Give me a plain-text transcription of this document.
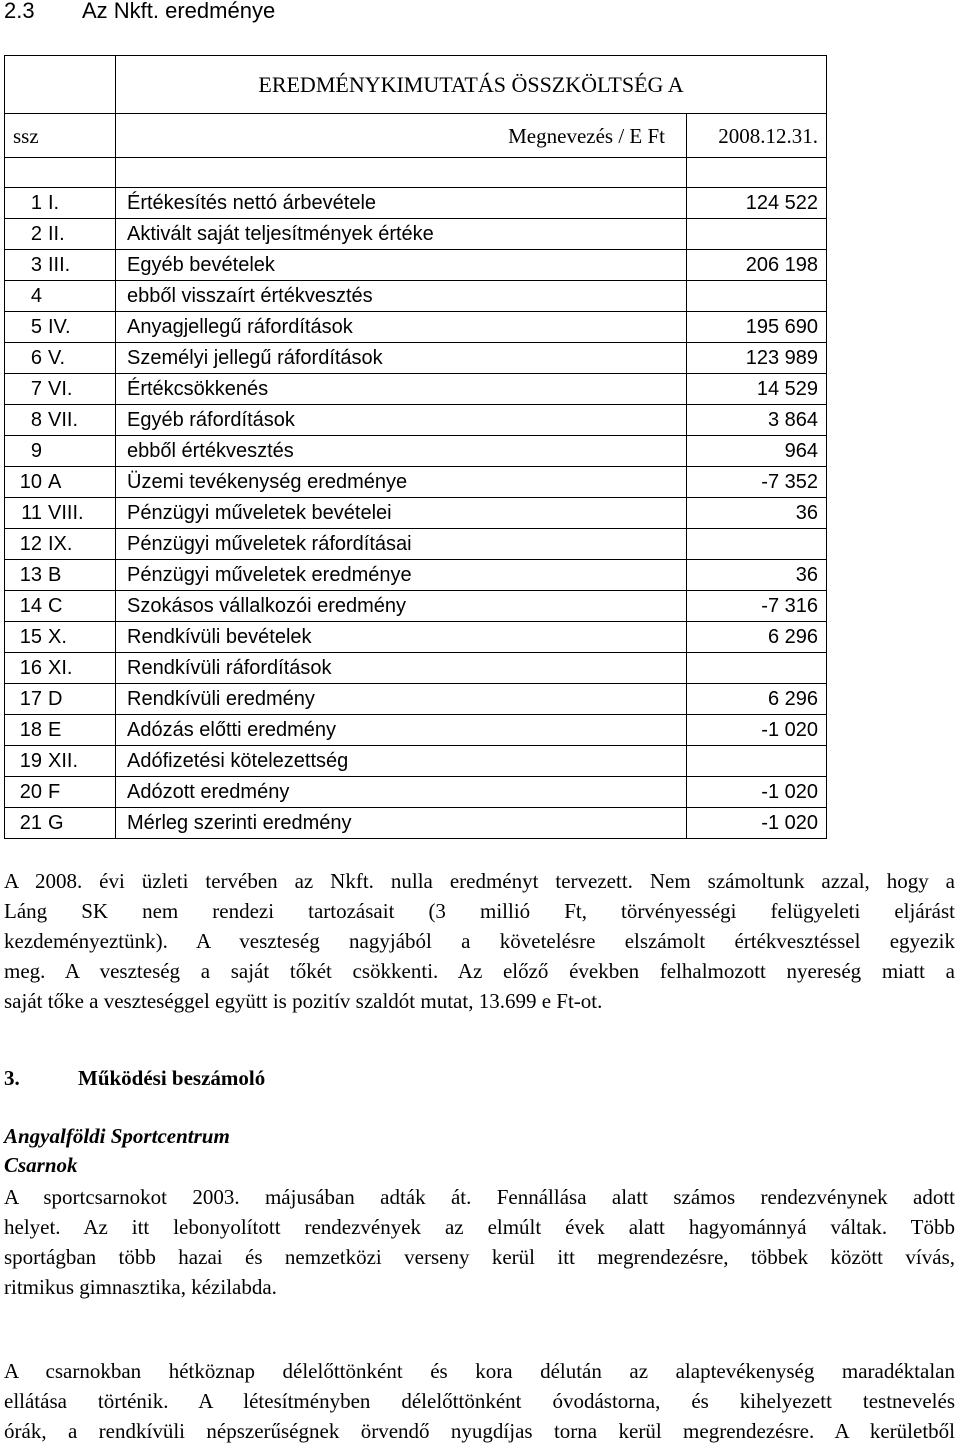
2.3 Az Nkft. eredménye
	EREDMÉNYKIMUTATÁS ÖSSZKÖLTSÉG A	
ssz	Megnevezés / E Ft	2008.12.31.

1 I.	Értékesítés nettó árbevétele	124 522
2 II.	Aktivált saját teljesítmények értéke	
3 III.	Egyéb bevételek	206 198
4	ebből visszaírt értékvesztés	
5 IV.	Anyagjellegű ráfordítások	195 690
6 V.	Személyi jellegű ráfordítások	123 989
7 VI.	Értékcsökkenés	14 529
8 VII.	Egyéb ráfordítások	3 864
9	ebből értékvesztés	964
10 A	Üzemi tevékenység eredménye	-7 352
11 VIII.	Pénzügyi műveletek bevételei	36
12 IX.	Pénzügyi műveletek ráfordításai	
13 B	Pénzügyi műveletek eredménye	36
14 C	Szokásos vállalkozói eredmény	-7 316
15 X.	Rendkívüli bevételek	6 296
16 XI.	Rendkívüli ráfordítások	
17 D	Rendkívüli eredmény	6 296
18 E	Adózás előtti eredmény	-1 020
19 XII.	Adófizetési kötelezettség	
20 F	Adózott eredmény	-1 020
21 G	Mérleg szerinti eredmény	-1 020

A 2008. évi üzleti tervében az Nkft. nulla eredményt tervezett. Nem számoltunk azzal, hogy a

Láng SK nem rendezi tartozásait (3 millió Ft, törvényességi felügyeleti eljárást

kezdeményeztünk). A veszteség nagyjából a követelésre elszámolt értékvesztéssel egyezik

meg. A veszteség a saját tőkét csökkenti. Az előző években felhalmozott nyereség miatt a

saját tőke a veszteséggel együtt is pozitív szaldót mutat, 13.699 e Ft-ot.

3.	Működési beszámoló
Angyalföldi Sportcentrum
Csarnok

A sportcsarnokot 2003. májusában adták át. Fennállása alatt számos rendezvénynek adott

helyet. Az itt lebonyolított rendezvények az elmúlt évek alatt hagyománnyá váltak. Több

sportágban több hazai és nemzetközi verseny kerül itt megrendezésre, többek között vívás,

ritmikus gimnasztika, kézilabda.

A csarnokban hétköznap délelőttönként és kora délután az alaptevékenység maradéktalan

ellátása történik. A létesítményben délelőttönként óvodástorna, és kihelyezett testnevelés

órák, a rendkívüli népszerűségnek örvendő nyugdíjas torna kerül megrendezésre. A kerületből
